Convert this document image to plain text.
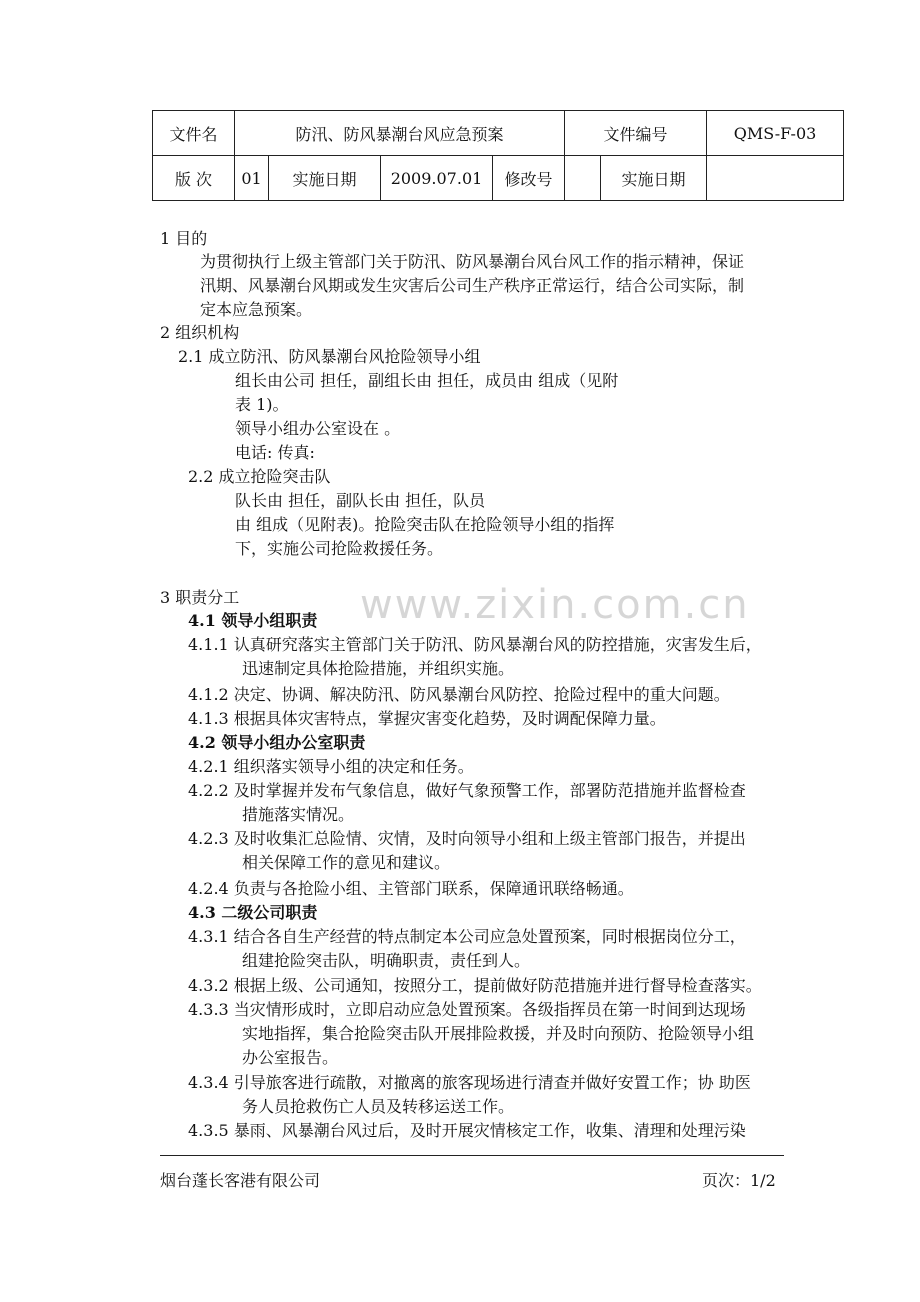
文件名	防汛、防风暴潮台风应急预案				文件编号		QMS-F-03
版 次	01	实施日期	2009.07.01	修改号		实施日期	
www.zixin.com.cn
1 目的
为贯彻执行上级主管部门关于防汛、防风暴潮台风台风工作的指示精神，保证
汛期、风暴潮台风期或发生灾害后公司生产秩序正常运行，结合公司实际，制
定本应急预案。
2 组织机构
2.1 成立防汛、防风暴潮台风抢险领导小组
组长由公司 担任，副组长由 担任，成员由 组成（见附
表 1)。
领导小组办公室设在 。
电话: 传真:
2.2 成立抢险突击队
队长由 担任，副队长由 担任，队员
由 组成（见附表)。抢险突击队在抢险领导小组的指挥
下，实施公司抢险救援任务。
3 职责分工
4.1 领导小组职责
4.1.1 认真研究落实主管部门关于防汛、防风暴潮台风的防控措施，灾害发生后，
迅速制定具体抢险措施，并组织实施。
4.1.2 决定、协调、解决防汛、防风暴潮台风防控、抢险过程中的重大问题。
4.1.3 根据具体灾害特点，掌握灾害变化趋势，及时调配保障力量。
4.2 领导小组办公室职责
4.2.1 组织落实领导小组的决定和任务。
4.2.2 及时掌握并发布气象信息，做好气象预警工作，部署防范措施并监督检查
措施落实情况。
4.2.3 及时收集汇总险情、灾情，及时向领导小组和上级主管部门报告，并提出
相关保障工作的意见和建议。
4.2.4 负责与各抢险小组、主管部门联系，保障通讯联络畅通。
4.3 二级公司职责
4.3.1 结合各自生产经营的特点制定本公司应急处置预案，同时根据岗位分工，
组建抢险突击队，明确职责，责任到人。
4.3.2 根据上级、公司通知，按照分工，提前做好防范措施并进行督导检查落实。
4.3.3 当灾情形成时，立即启动应急处置预案。各级指挥员在第一时间到达现场
实地指挥，集合抢险突击队开展排险救援，并及时向预防、抢险领导小组
办公室报告。
4.3.4 引导旅客进行疏散，对撤离的旅客现场进行清查并做好安置工作；协 助医
务人员抢救伤亡人员及转移运送工作。
4.3.5 暴雨、风暴潮台风过后，及时开展灾情核定工作，收集、清理和处理污染
烟台蓬长客港有限公司	页次：1/2
